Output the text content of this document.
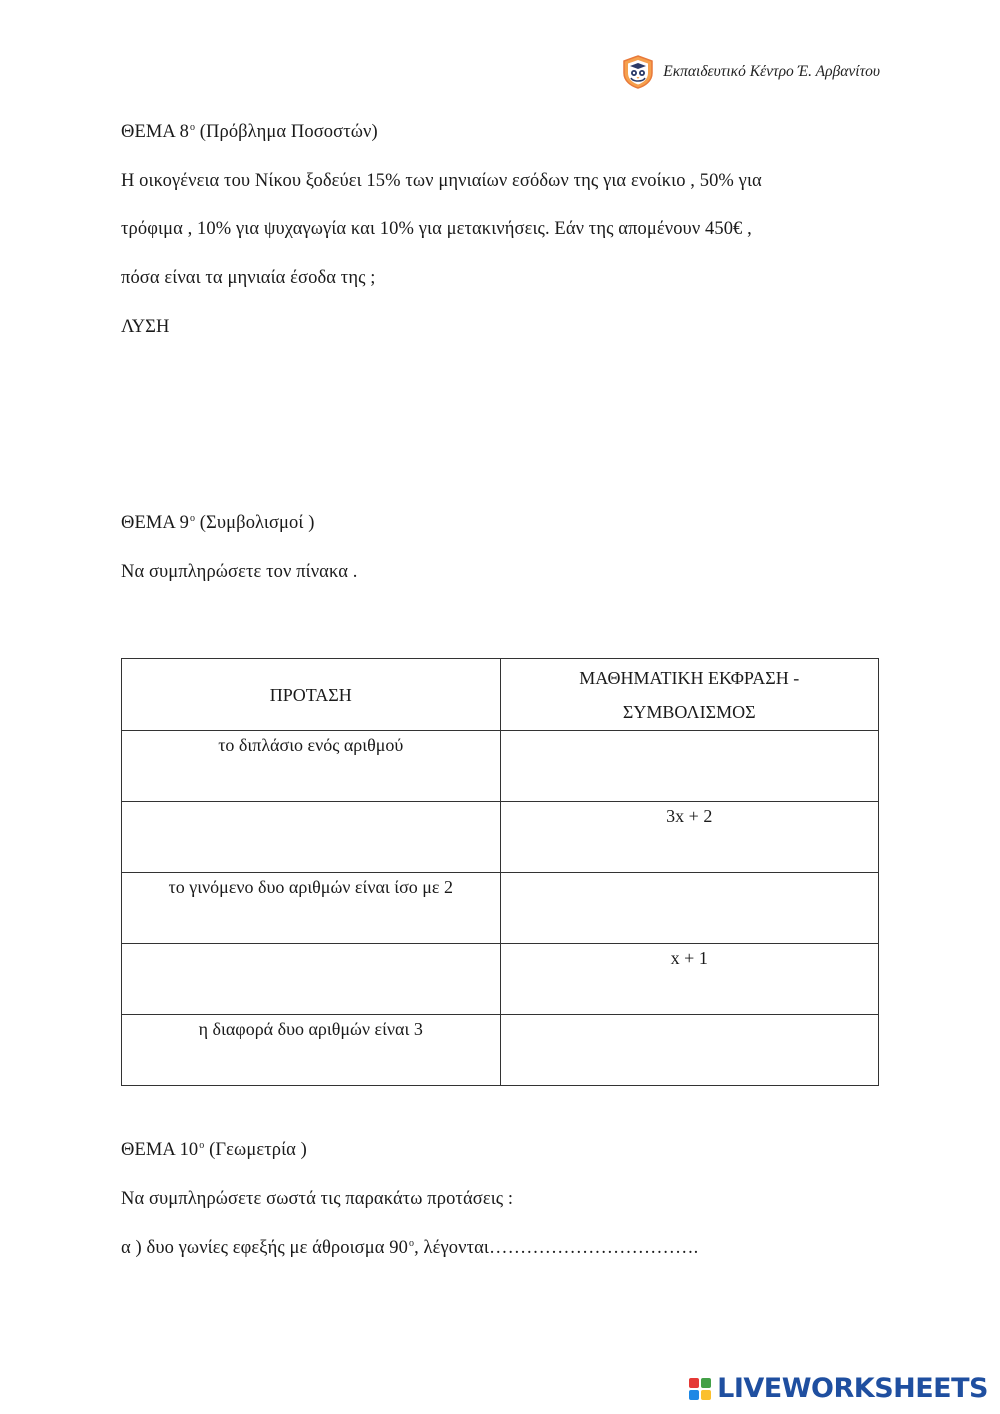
Εκπαιδευτικό Κέντρο Έ. Αρβανίτου
ΘΕΜΑ $8^o$ (Πρόβλημα Ποσοστών)
Η οικογένεια του Νίκου ξοδεύει 15% των μηνιαίων εσόδων της για ενοίκιο , 50% για
τρόφιμα , 10% για ψυχαγωγία και 10% για μετακινήσεις. Εάν της απομένουν 450€ ,
πόσα είναι τα μηνιαία έσοδα της ;
ΛΥΣΗ
ΘΕΜΑ $9^o$ (Συμβολισμοί )
Να συμπληρώσετε τον πίνακα .
ΠΡΟΤΑΣΗ	ΜΑΘΗΜΑΤΙΚΗ ΕΚΦΡΑΣΗ -
ΣΥΜΒΟΛΙΣΜΟΣ
το διπλάσιο ενός αριθμού	
	3x + 2
το γινόμενο δυο αριθμών είναι ίσο με 2	
	x + 1
η διαφορά δυο αριθμών είναι 3	
ΘΕΜΑ $10^o$ (Γεωμετρία )
Να συμπληρώσετε σωστά τις παρακάτω προτάσεις :
α ) δυο γωνίες εφεξής με άθροισμα $90^o$, λέγονται…………………………….
LIVEWORKSHEETS
